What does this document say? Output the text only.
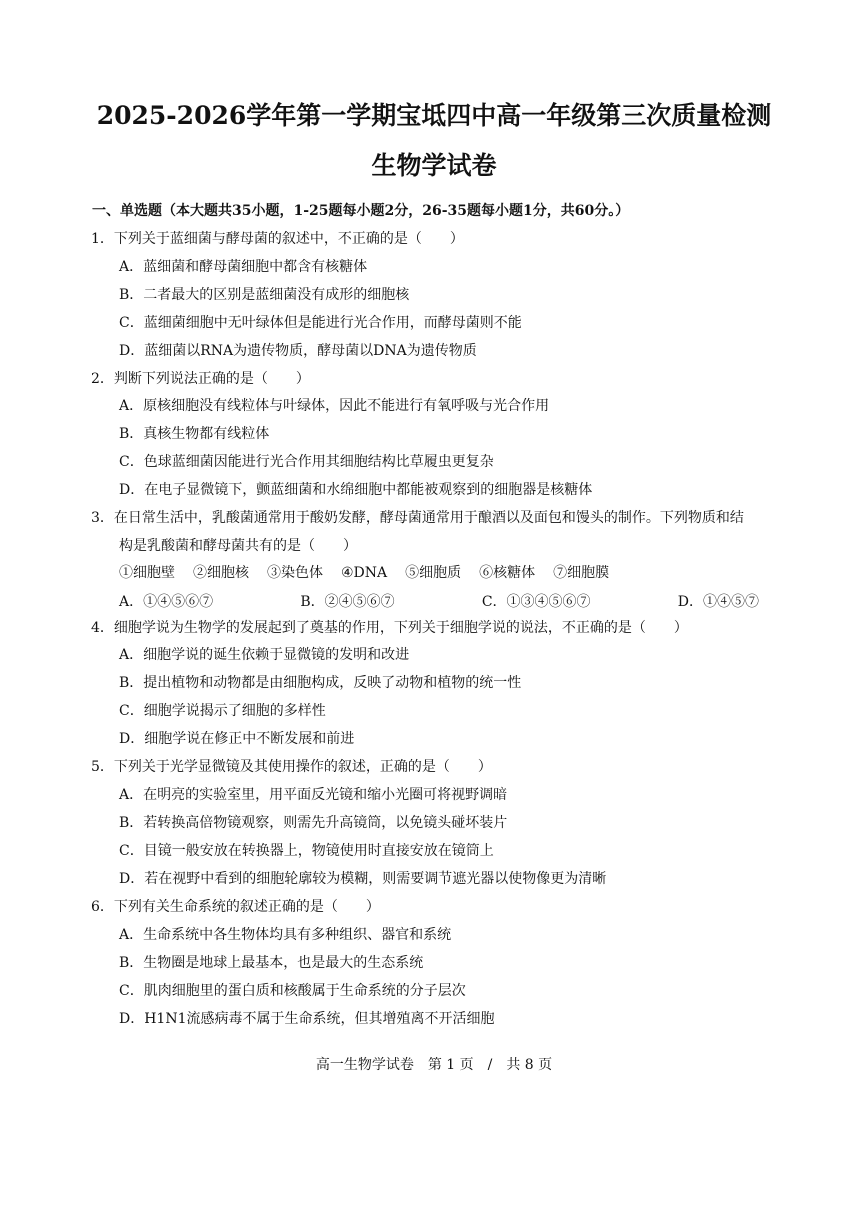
2025-2026学年第一学期宝坻四中高一年级第三次质量检测
生物学试卷
一、单选题（本大题共35小题，1-25题每小题2分，26-35题每小题1分，共60分。）
1．下列关于蓝细菌与酵母菌的叙述中，不正确的是（　　）
A．蓝细菌和酵母菌细胞中都含有核糖体
B．二者最大的区别是蓝细菌没有成形的细胞核
C．蓝细菌细胞中无叶绿体但是能进行光合作用，而酵母菌则不能
D．蓝细菌以RNA为遗传物质，酵母菌以DNA为遗传物质
2．判断下列说法正确的是（　　）
A．原核细胞没有线粒体与叶绿体，因此不能进行有氧呼吸与光合作用
B．真核生物都有线粒体
C．色球蓝细菌因能进行光合作用其细胞结构比草履虫更复杂
D．在电子显微镜下，颤蓝细菌和水绵细胞中都能被观察到的细胞器是核糖体
3．在日常生活中，乳酸菌通常用于酸奶发酵，酵母菌通常用于酿酒以及面包和馒头的制作。下列物质和结
构是乳酸菌和酵母菌共有的是（　　）
①细胞壁 ②细胞核 ③染色体 ④DNA ⑤细胞质 ⑥核糖体 ⑦细胞膜
A．①④⑤⑥⑦	B．②④⑤⑥⑦	C．①③④⑤⑥⑦	D．①④⑤⑦
4．细胞学说为生物学的发展起到了奠基的作用，下列关于细胞学说的说法，不正确的是（　　）
A．细胞学说的诞生依赖于显微镜的发明和改进
B．提出植物和动物都是由细胞构成，反映了动物和植物的统一性
C．细胞学说揭示了细胞的多样性
D．细胞学说在修正中不断发展和前进
5．下列关于光学显微镜及其使用操作的叙述，正确的是（　　）
A．在明亮的实验室里，用平面反光镜和缩小光圈可将视野调暗
B．若转换高倍物镜观察，则需先升高镜筒，以免镜头碰坏装片
C．目镜一般安放在转换器上，物镜使用时直接安放在镜筒上
D．若在视野中看到的细胞轮廓较为模糊，则需要调节遮光器以使物像更为清晰
6．下列有关生命系统的叙述正确的是（　　）
A．生命系统中各生物体均具有多种组织、器官和系统
B．生物圈是地球上最基本，也是最大的生态系统
C．肌肉细胞里的蛋白质和核酸属于生命系统的分子层次
D．H1N1流感病毒不属于生命系统，但其增殖离不开活细胞
高一生物学试卷　第 1 页　/　共 8 页
